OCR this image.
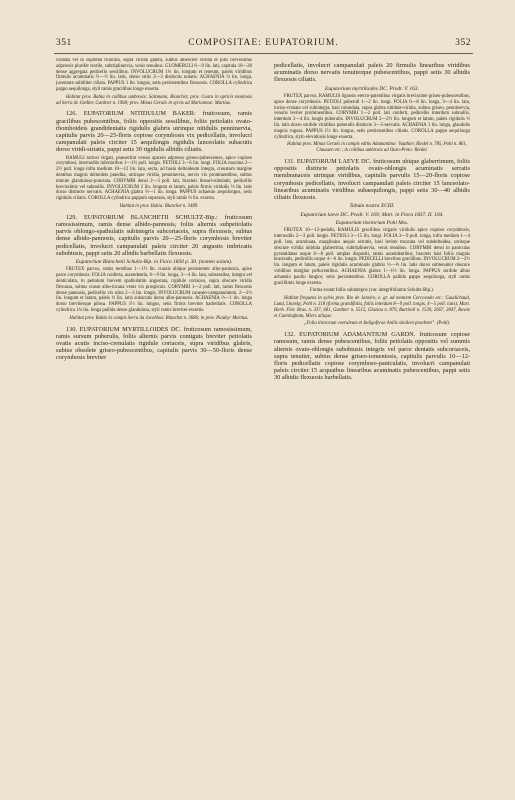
351	COMPOSITAE: EUPATORIUM.	352

cordata vel in suprema truncata, supra viridia glabra, subtus albescere viridia et pilis brevissimis adpressis plurifer textile, subtriplinervia, venis tenuibus. GLOMERULI 6—9 lin. lati, capitula 10—20 dense aggregata pedicello sessilibus. INVOLUCRUM 1¼ lin. longum et teneum, paleis viridibus firmulis acuminatis ½—⅔ lin. latis, dorso striis 2—3 distinctis notatis. ACHAENIA ⅔ lin. longa, juventute subtiliter ciliata. PAPPUS 1 lin. longus, setis persistentibus flexuosis. COROLLA cylindrica pappo aequilonga, styli ramis gracilibus longe exserta.

Habitat prov. Bahia in collibus umbrosis: Salzmann, Blanchet; prov. Ceara in apricis montosis ad Serra de Jardim: Gardner n. 1968; prov. Minas Geraës in sylvis ad Mariannae: Martius.

126. EUPATORIUM NITIDULUM BAKER: fruticosum, ramis gracilibus pubescentibus, foliis oppositis sessilibus, foliis petiolatis ovato-rhomboideis grandidentatis rigidulis glabris utrinque nitidulis penninervia, capitulis parvis 20—25-floris copiose corymbosis vix pedicellatis, involucri campanulati paleis circiter 15 aequilongis rigidulis lanceolatis subacutis dorso viridi-striatis, pappi setis 30 rigidulis albidis ciliatis.

RAMULI tortosi virgati, praesertim versus apicem adpresso griseo-pubescentes, apice copiose corymbosi, internodiis inferioribus 1—1½ poll. longis. PETIOLI 3—6 lin. longi. FOLIA maxima 2—2½ poll. longa infra medium 10—12 lin. lata, secta, ad basin deltoideum integra, crenatum margine dentibus magnis deltoideis praedita, utrinque viridia, penninervia, nervis vix prominentibus, subtus minute glanduloso-punctata. CORYMBI densi 2—3 poll. lati, bracteis lineari-subulatis, pedicellis brevissimis vel subnullis. INVOLUCRUM 2 lin. longum et latum, paleis firmis viridulis ⅓ lin. latis dorso distincte nervatis. ACHAENIA glabra ⅔—1 lin. longa. PAPPUS achaenio aequilongus, setis rigidulis ciliatis. COROLLA cylindrica pappum superans, styli ramis ⅓ lin. exserta.

Habitat in prov. Bahia: Blanchet n. 3489.

129. EUPATORIUM BLANCHETII SCHULTZ-Bip.: fruticosum ramosissimum, ramis dense albido-pannosis, foliis alternis subpetiolatis parvis oblongo-spathulatis subintegris subcoriaceis, supra flexuosis, subtus dense albido-pannosis, capitulis parvis 20—25-floris corymbosis breviter pedicellatis, involucri campanulati paleis circiter 20 angustis imbricatis subobtusis, pappi setis 20 albidis barbellatis flexuosis.

Eupatorium Blanchetii Schultz-Bip. in Flora 1850 p. 30. (nomen solum).

FRUTEX parvus, ramis teretibus 1—1½ lin. crassis ubique persistenter albo-pannosis, apice parce corymbosis. FOLIA conferta, ascendentia, 6—9 lin. longa, 3—4 lin. lata, subsessilea, integra vel denticulata, in petiolum brevem spathulatim angustata, rigidule coriacea, supra obscure viridia flexuosa, subtus crasse albo-incana venis vix prospicuis. CORYMBI 1—2 poll. lati, ramis flexuosis dense pannosis, pedicellis vix ultra 2—3 lin. longis. INVOLUCRUM cuneato-campanulatum, 2—2½ lin. longum et latum, paleis ⅓ lin. latis subacutis dorso albo-pannosis. ACHAENIA ⅔—1 lin. longa dorso breviterque pilosa. PAPPUS 1½ lin. longus, setis firmis breviter barbellatis. COROLLA cylindrica 1¼ lin. longa pallida dense glandulosa, styli ramis breviter exsertis.

Habitat prov. Bahia in campis Serra da Jacobina: Blanchet n. 3686; in prov. Piauhy: Martius.

130. EUPATORIUM MYRTILLOIDES DC. fruticosum ramosissimum, ramis sursum puberulis, foliis alternis parvis contiguis breviter petiolatis ovatis acutis inciso-crenulatis rigidule coriaceis, supra viridibus glabris, subtus obsolete griseo-pubescentibus, capitulis parvis 30—50-floris dense corymbosis breviter

pedicellatis, involucri campanulati paleis 20 firmulis linearibus viridibus acuminatis dorso nervatis tenuiterque pubescentibus, pappi setis 30 albidis flexuosis ciliatis.

Eupatorium myrtilloides DC. Prodr. V. 163.

FRUTEX parvus, RAMULIS lignosis erecto-patentibus virgatis brevissime griseo-pubescentibus, apice dense corymbosis. PETIOLI puberuli 1—2 lin. longi. FOLIA 6—8 lin. longa, 3—4 lin. lata, inciso-crenata vel subintegra, basi rotundata, supra glabra nitidule-viridia, subtus griseo, penninervia, venulis leviter prominentibus. CORYMBI 1—2 poll. lati confertí, pedicellis interdum subnullis, interdum 3—4 lin. longis puberulis. INVOLUCRUM 2—2½ lin. longum et latum, paleis rigidulis ⅓ lin. latis dorso sordide viridibus puberulis distincte 3—5-nervatis. ACHAENIA 1 lin. longa, glandulis magnis rugosa. PAPPUS 1½ lin. longus, setis persistentibus ciliatis. COROLLA pappo aequilonga cylindrica, stylo elevatiusis longe exserta.

Habitat prov. Minas Geraës in campis editis Adamantino: Vauthier, Riedel n. 785, Pohl n. 861, Claussen etc.; in collibus umbrosis ad Ouro-Preto: Riedel.

131. EUPATORIUM LAEVE DC. fruticosum ubique glaberrimum, foliis oppositis distincte petiolatis ovato-oblongis acuminatis serratis membranaceis utrinque viridibus, capitulis parvulis 15—20-floris copiose corymbosis pedicellatis, involucri campanulati paleis circiter 15 lanceolato-linearibus acuminatis viridibus subaequilongis, pappi setis 30—40 albidis ciliatis flexuosis.

Tabula nostra XCIII.

Eupatorium laeve DC. Prodr. V. 169; Mart. in Flora 1837. II. 104.

Eupatorium tinctorium Pohl Mss.

FRUTEX 10—12-pedalis, RAMULIS gracilibus virgatis viridulis apice copiose corymbosis, internodiis 2—3 poll. longis. PETIOLI 3—15 lin. longi. FOLIA 3—9 poll. longa, infra medium 1—4 poll. lata, acuminata, margibulus aequis serratis, basi leviter truncata vel subdeltoidea, utrinque obscure viridia nitidula glaberrima, subtriplinervia, venis tenuibus. CORYMBI densi in paniculas pyramidatas usque 6—8 poll. amplas dispositi, ramis ascendentibus, bracteis basi foliis magnis bracteatis, pedicellis usque 4—6 lin. longis. PEDICELLI brevibus gracilibus. INVOLUCRUM 2—2½ lin. longum et latum, paleis rigidulis acuminatis glabris ½—⅓ lin. latis dorso subtenuiter obscure viridibus margine pellucentibus. ACHAENIA glabra 1—1⅓ lin. longa. PAPPUS sordide albus achaenio paullo longior, setis persistentibus. COROLLA pallida pappo aequilonga, styli ramis gracillimis longe exserta.

Forma exstat foliis subintegris (var. integrifoliumn Schultz-Bip.).

Habitat frequens in sylvis prov. Rio de Janeiro, e. gr. ad montem Corcovado etc.: Gaudichaud, Lund, Lhotsky, Pohl n. 318 (forma grandifolia, foliis interdum 8—9 poll. longis, 4—5 poll. latis), Mart. Herb. Flor. Bras. n. 337, 681, Gardner n. 5515, Glaziou n. 879, Burchell n. 1539, 2667, 2847, Bowie et Cunningham, Miers aliique.

„Folia tinctorum coeruleum et Indigoferae Anilis similem praebent”. (Pohl).

132. EUPATORIUM ADAMANTIUM GARDN. fruticosum copiose ramosum, ramis dense pubescentibus, foliis petiolatis oppositis vel summis alternis ovato-oblongis subobtusis integris vel parce dentatis subcoriaceis, supra tenuiter, subtus dense griseo-tomentosis, capitulis parvulis 10—12-floris pedicellatis copiose corymboso-paniculatis, involucri campanulati paleis circiter 15 acquaibus linearibus acuminatis pubescentibus, pappi setis 30 albidis flexuosis barbellatis.
